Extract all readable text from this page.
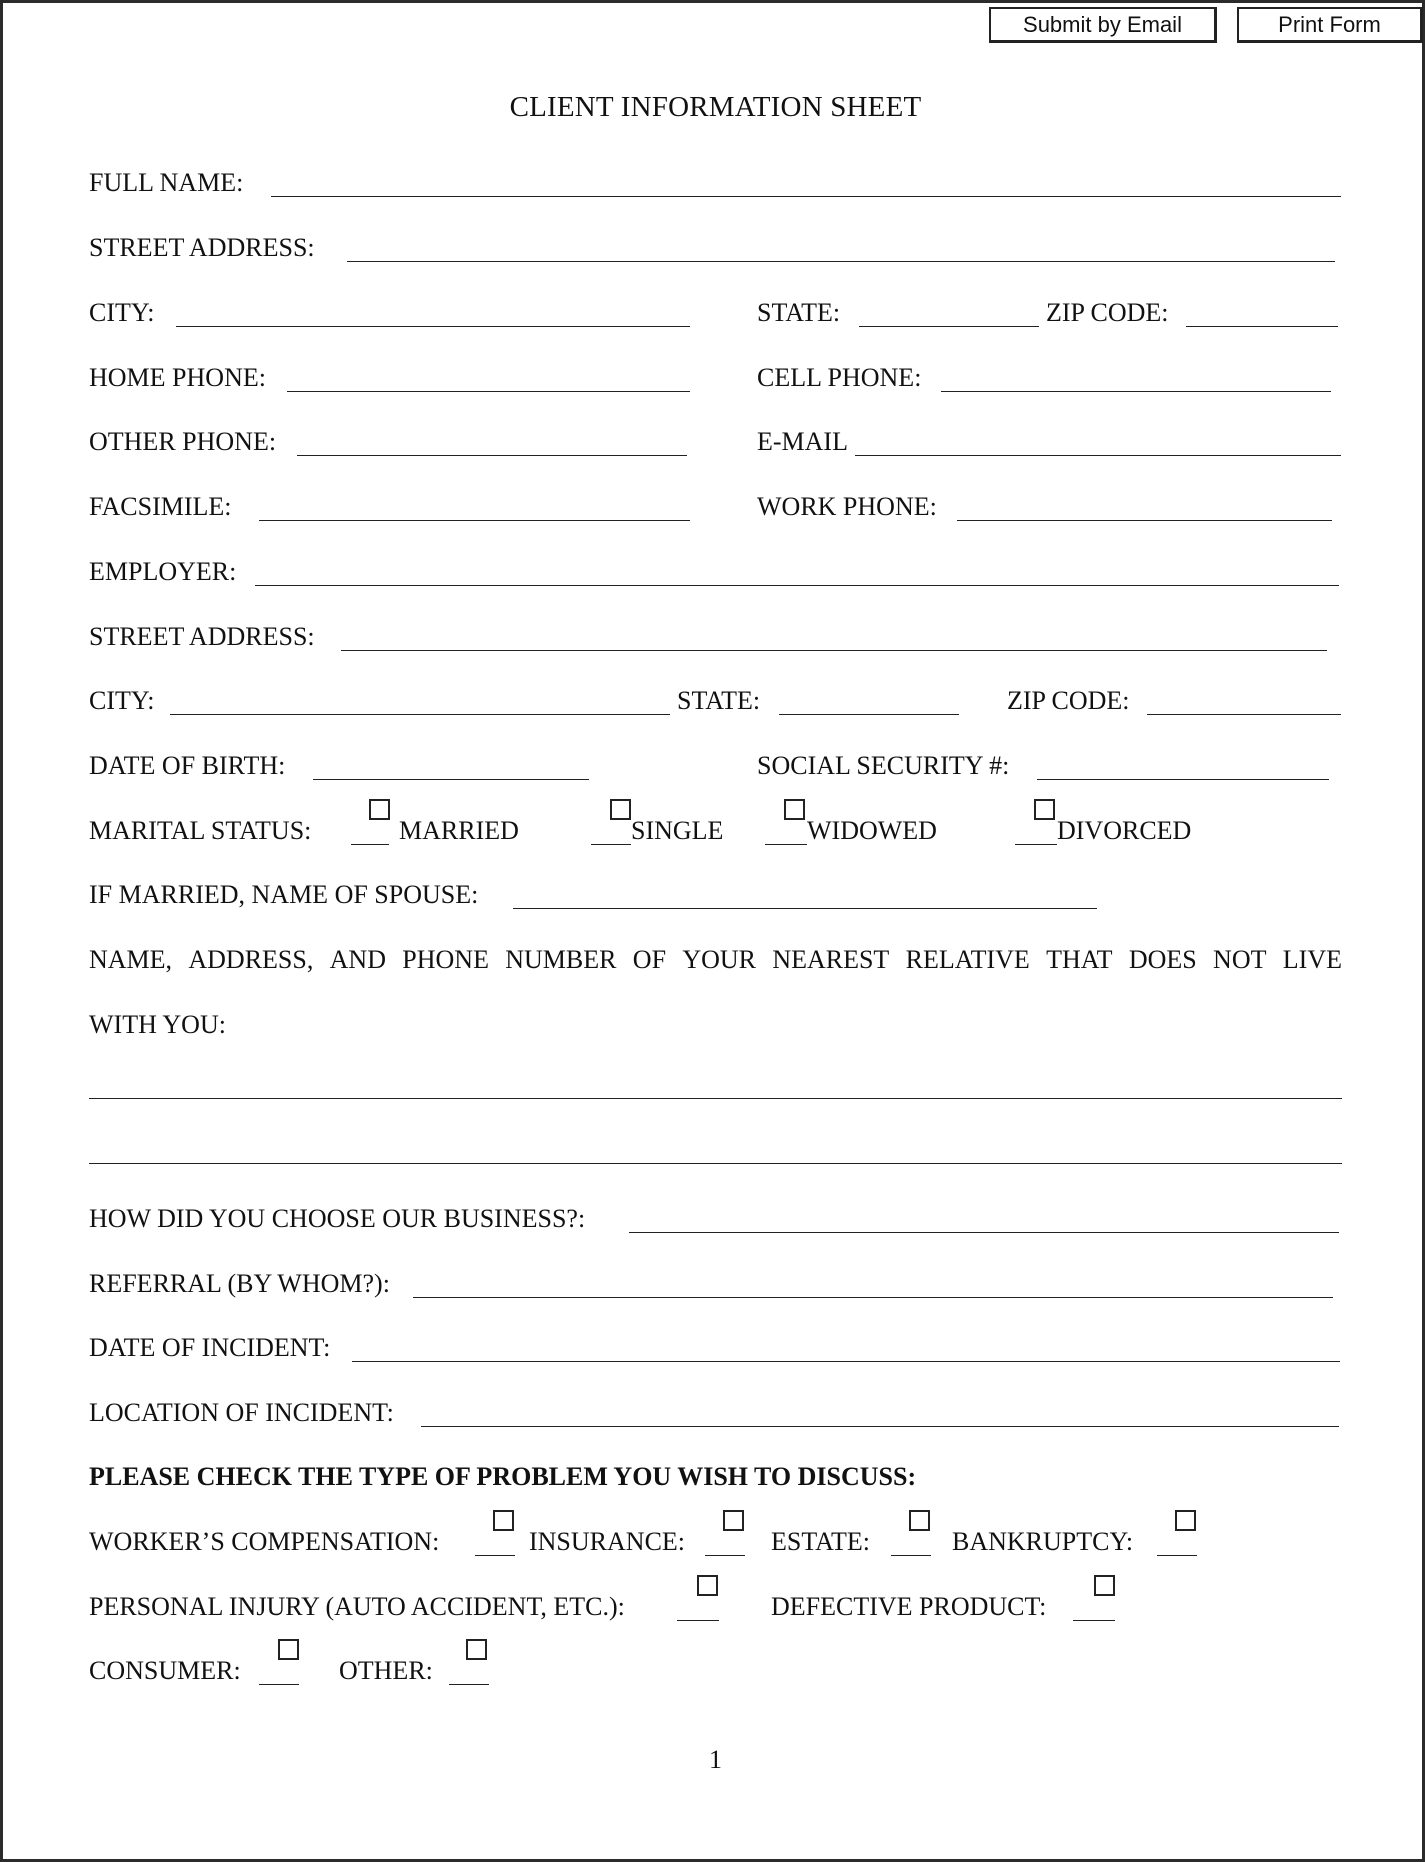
Submit by Email	Print Form
CLIENT INFORMATION SHEET
FULL NAME:
STREET ADDRESS:
CITY:	STATE:	ZIP CODE:
HOME PHONE:	CELL PHONE:
OTHER PHONE:	E-MAIL
FACSIMILE:	WORK PHONE:
EMPLOYER:
STREET ADDRESS:
CITY:	STATE:	ZIP CODE:
DATE OF BIRTH:	SOCIAL SECURITY #:
MARITAL STATUS:	MARRIED	SINGLE	WIDOWED	DIVORCED
IF MARRIED, NAME OF SPOUSE:
NAME, ADDRESS, AND PHONE NUMBER OF YOUR NEAREST RELATIVE THAT DOES NOT LIVE
WITH YOU:
HOW DID YOU CHOOSE OUR BUSINESS?:
REFERRAL (BY WHOM?):
DATE OF INCIDENT:
LOCATION OF INCIDENT:
PLEASE CHECK THE TYPE OF PROBLEM YOU WISH TO DISCUSS:
WORKER’S COMPENSATION:	INSURANCE:	ESTATE:	BANKRUPTCY:
PERSONAL INJURY (AUTO ACCIDENT, ETC.):	DEFECTIVE PRODUCT:
CONSUMER:	OTHER:
1
